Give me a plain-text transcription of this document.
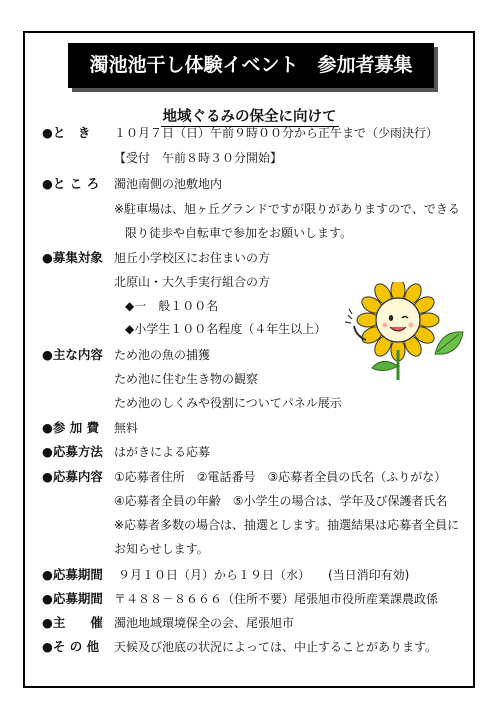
濁池池干し体験イベント　参加者募集
地域ぐるみの保全に向けて
●と　き １０月７日（日）午前９時００分から正午まで（少雨決行）
【受付　午前８時３０分開始】
●と こ ろ 濁池南側の池敷地内
※駐車場は、旭ヶ丘グランドですが限りがありますので、できる
限り徒歩や自転車で参加をお願いします。
●募集対象 旭丘小学校区にお住まいの方
北原山・大久手実行組合の方
◆一　般１００名
◆小学生１００名程度（４年生以上）
●主な内容 ため池の魚の捕獲
ため池に住む生き物の観察
ため池のしくみや役割についてパネル展示
●参 加 費 無料
●応募方法 はがきによる応募
●応募内容 ①応募者住所　②電話番号　③応募者全員の氏名（ふりがな）
④応募者全員の年齢　⑤小学生の場合は、学年及び保護者氏名
※応募者多数の場合は、抽選とします。抽選結果は応募者全員に
お知らせします。
●応募期間 ９月１０日（月）から１９日（水）　　(当日消印有効)
●応募期間 〒４８８－８６６６（住所不要）尾張旭市役所産業課農政係
●主　　催 濁池地域環境保全の会、尾張旭市
●そ の 他 天候及び池底の状況によっては、中止することがあります。
